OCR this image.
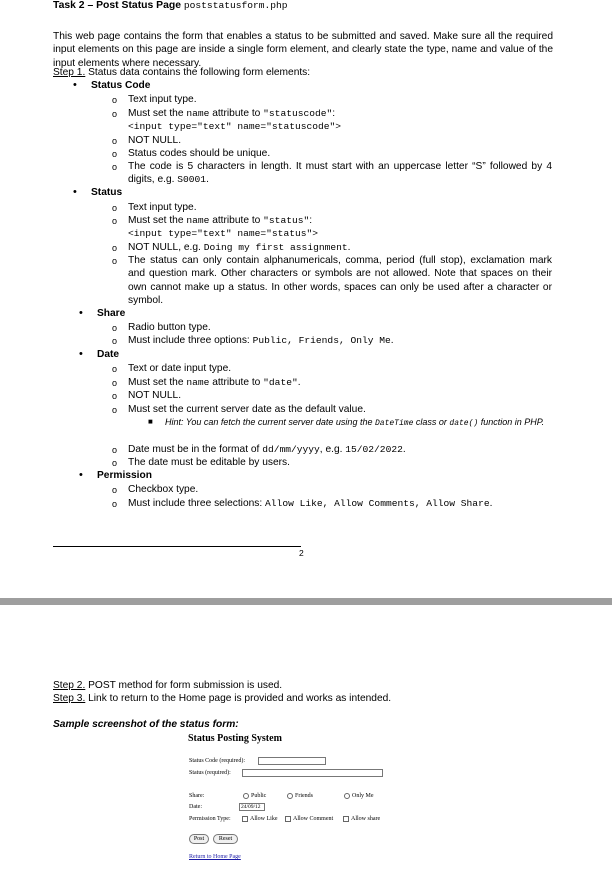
Task 2 – Post Status Page poststatusform.php
This web page contains the form that enables a status to be submitted and saved. Make sure all the required input elements on this page are inside a single form element, and clearly state the type, name and value of the input elements where necessary.
Step 1. Status data contains the following form elements:
• Status Code
o Text input type.
o Must set the name attribute to "statuscode":
<input type="text" name="statuscode">
o NOT NULL.
o Status codes should be unique.
o The code is 5 characters in length. It must start with an uppercase letter “S” followed by 4 digits, e.g. S0001.
• Status
o Text input type.
o Must set the name attribute to "status":
<input type="text" name="status">
o NOT NULL, e.g. Doing my first assignment.
o The status can only contain alphanumericals, comma, period (full stop), exclamation mark and question mark. Other characters or symbols are not allowed. Note that spaces on their own cannot make up a status. In other words, spaces can only be used after a character or symbol.
• Share
o Radio button type.
o Must include three options: Public, Friends, Only Me.
• Date
o Text or date input type.
o Must set the name attribute to "date".
o NOT NULL.
o Must set the current server date as the default value.
■ Hint: You can fetch the current server date using the DateTime class or date() function in PHP.
o Date must be in the format of dd/mm/yyyy, e.g. 15/02/2022.
o The date must be editable by users.
• Permission
o Checkbox type.
o Must include three selections: Allow Like, Allow Comments, Allow Share.
2
Step 2. POST method for form submission is used.
Step 3. Link to return to the Home page is provided and works as intended.
Sample screenshot of the status form:
Status Posting System
Status Code (required):
Status (required):
Share:	Public	Friends	Only Me
Date:	24/09/12
Permission Type:	Allow Like	Allow Comment	Allow share
Post	Reset
Return to Home Page
